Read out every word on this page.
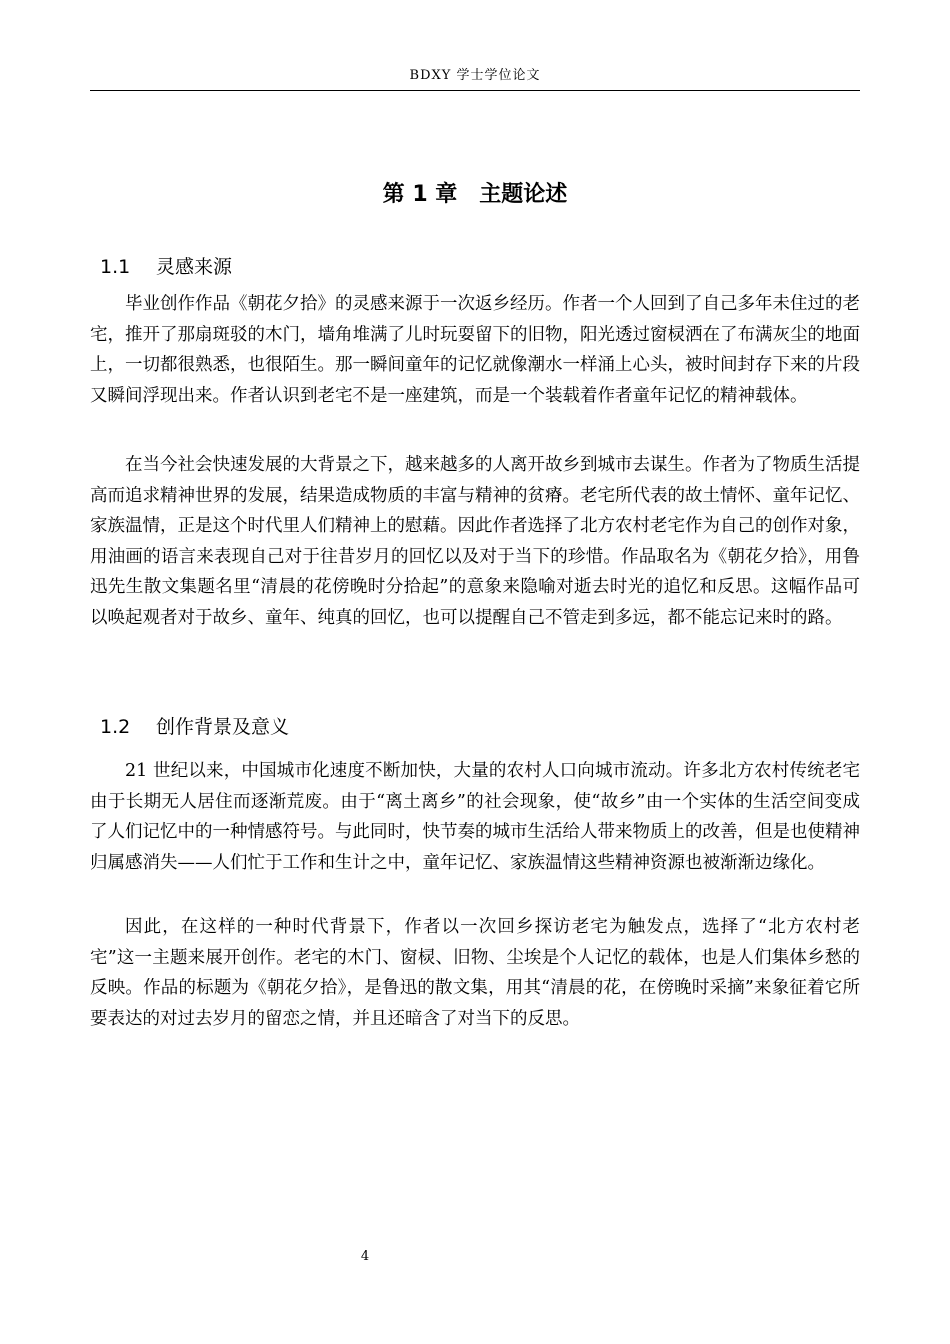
BDXY 学士学位论文
第 1 章　主题论述
1.1 灵感来源

毕业创作作品《朝花夕拾》的灵感来源于一次返乡经历。作者一个人回到了自己多年未住过的老宅，推开了那扇斑驳的木门，墙角堆满了儿时玩耍留下的旧物，阳光透过窗棂洒在了布满灰尘的地面上，一切都很熟悉，也很陌生。那一瞬间童年的记忆就像潮水一样涌上心头，被时间封存下来的片段又瞬间浮现出来。作者认识到老宅不是一座建筑，而是一个装载着作者童年记忆的精神载体。

在当今社会快速发展的大背景之下，越来越多的人离开故乡到城市去谋生。作者为了物质生活提高而追求精神世界的发展，结果造成物质的丰富与精神的贫瘠。老宅所代表的故土情怀、童年记忆、家族温情，正是这个时代里人们精神上的慰藉。因此作者选择了北方农村老宅作为自己的创作对象，用油画的语言来表现自己对于往昔岁月的回忆以及对于当下的珍惜。作品取名为《朝花夕拾》，用鲁迅先生散文集题名里“清晨的花傍晚时分拾起”的意象来隐喻对逝去时光的追忆和反思。这幅作品可以唤起观者对于故乡、童年、纯真的回忆，也可以提醒自己不管走到多远，都不能忘记来时的路。

1.2 创作背景及意义

21 世纪以来，中国城市化速度不断加快，大量的农村人口向城市流动。许多北方农村传统老宅由于长期无人居住而逐渐荒废。由于“离土离乡”的社会现象，使“故乡”由一个实体的生活空间变成了人们记忆中的一种情感符号。与此同时，快节奏的城市生活给人带来物质上的改善，但是也使精神归属感消失——人们忙于工作和生计之中，童年记忆、家族温情这些精神资源也被渐渐边缘化。

因此，在这样的一种时代背景下，作者以一次回乡探访老宅为触发点，选择了“北方农村老宅”这一主题来展开创作。老宅的木门、窗棂、旧物、尘埃是个人记忆的载体，也是人们集体乡愁的反映。作品的标题为《朝花夕拾》，是鲁迅的散文集，用其“清晨的花，在傍晚时采摘”来象征着它所要表达的对过去岁月的留恋之情，并且还暗含了对当下的反思。

4
